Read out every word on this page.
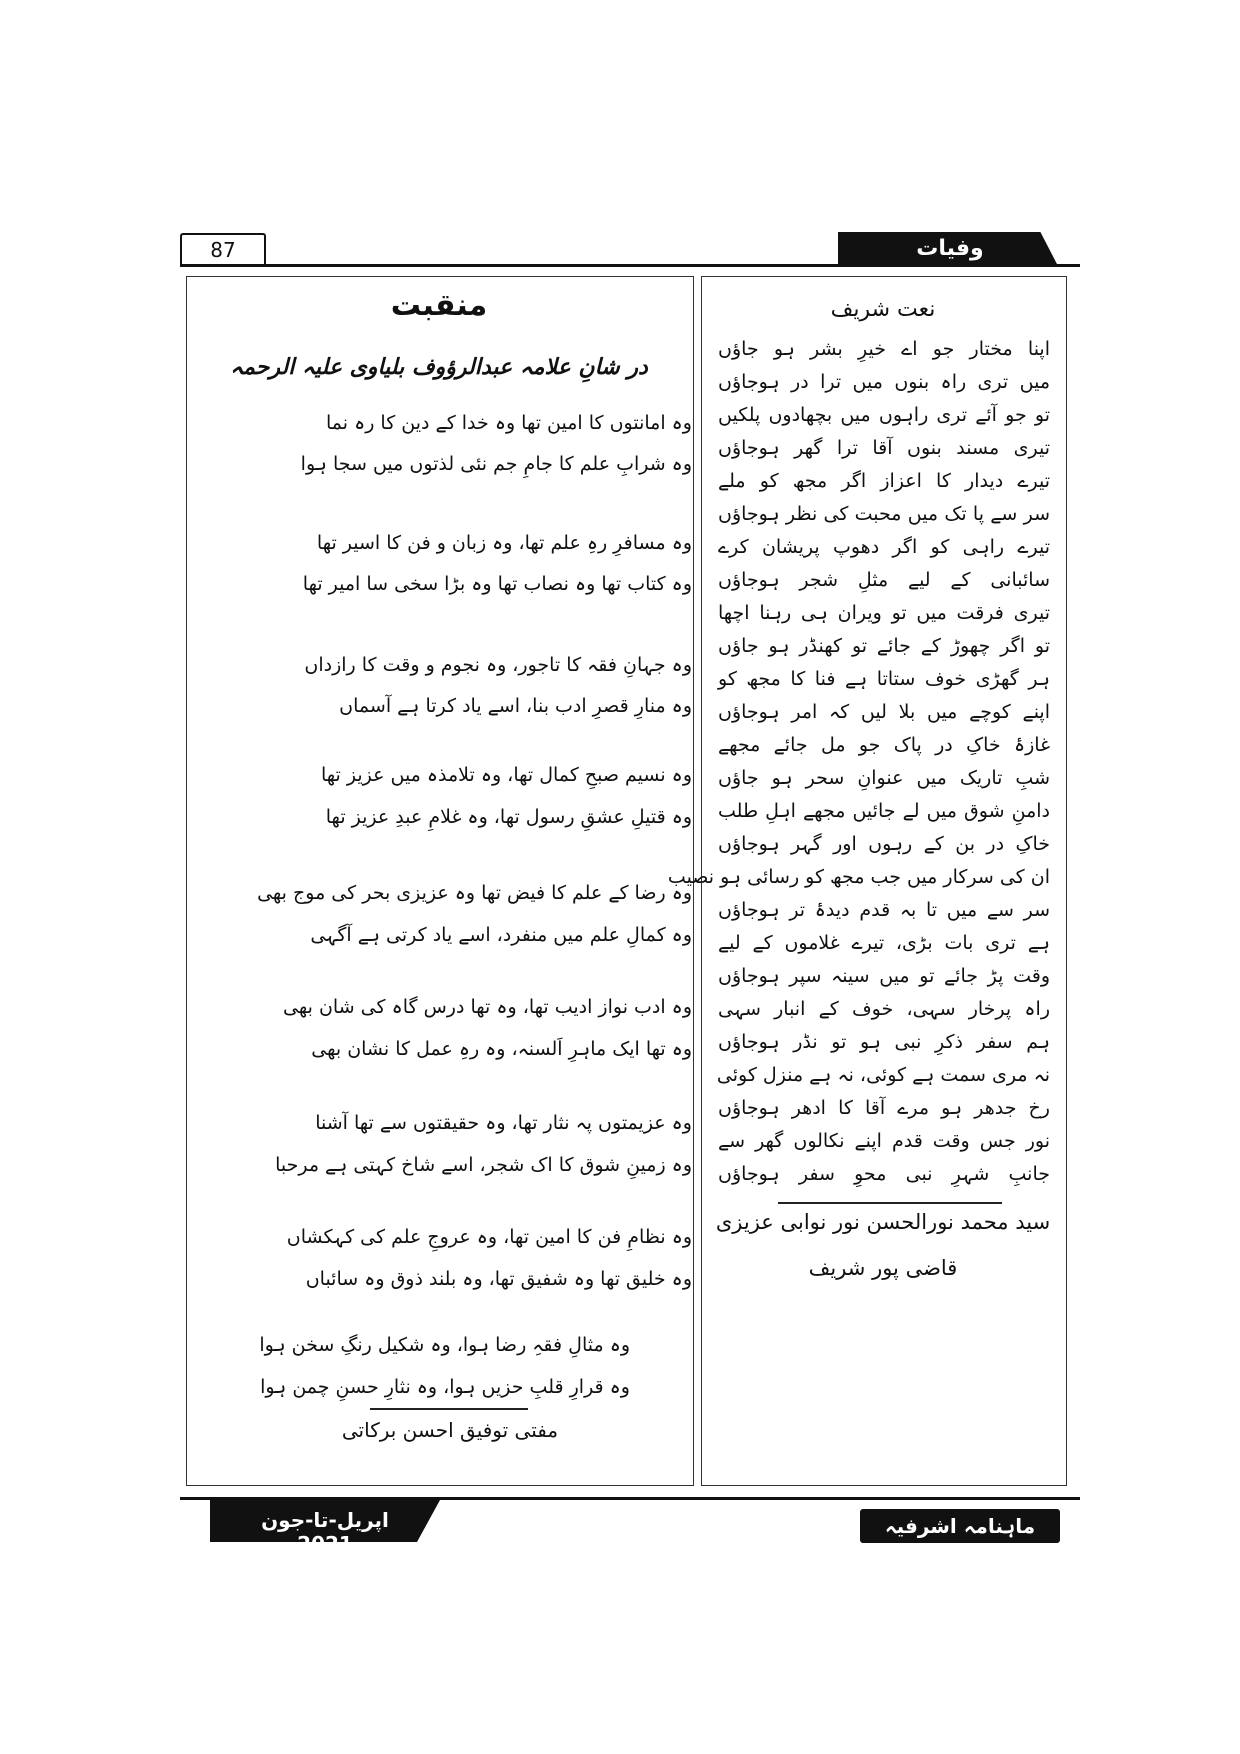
87	وفیات
منقبت
در شانِ علامہ عبدالرؤوف بلیاوی علیہ الرحمہ
وہ امانتوں کا امین تھا وہ خدا کے دین کا رہ نما
وہ شرابِ علم کا جامِ جم نئی لذتوں میں سجا ہوا
وہ مسافرِ رہِ علم تھا، وہ زبان و فن کا اسیر تھا
وہ کتاب تھا وہ نصاب تھا وہ بڑا سخی سا امیر تھا
وہ جہانِ فقہ کا تاجور، وہ نجوم و وقت کا رازداں
وہ منارِ قصرِ ادب بنا، اسے یاد کرتا ہے آسماں
وہ نسیم صبحِ کمال تھا، وہ تلامذہ میں عزیز تھا
وہ قتیلِ عشقِ رسول تھا، وہ غلامِ عبدِ عزیز تھا
وہ رضا کے علم کا فیض تھا وہ عزیزی بحر کی موج بھی
وہ کمالِ علم میں منفرد، اسے یاد کرتی ہے آگہی
وہ ادب نواز ادیب تھا، وہ تھا درس گاہ کی شان بھی
وہ تھا ایک ماہرِ اَلسنہ، وہ رہِ عمل کا نشان بھی
وہ عزیمتوں پہ نثار تھا، وہ حقیقتوں سے تھا آشنا
وہ زمینِ شوق کا اک شجر، اسے شاخ کہتی ہے مرحبا
وہ نظامِ فن کا امین تھا، وہ عروجِ علم کی کہکشاں
وہ خلیق تھا وہ شفیق تھا، وہ بلند ذوق وہ سائباں
وہ مثالِ فقہِ رضا ہوا، وہ شکیل رنگِ سخن ہوا
وہ قرارِ قلبِ حزیں ہوا، وہ نثارِ حسنِ چمن ہوا
مفتی توفیق احسن برکاتی
نعت شریف
اپنا مختار جو اے خیرِ بشر ہو جاؤں
میں تری راہ بنوں میں ترا در ہوجاؤں
تو جو آئے تری راہوں میں بچھادوں پلکیں
تیری مسند بنوں آقا ترا گھر ہوجاؤں
تیرے دیدار کا اعزاز اگر مجھ کو ملے
سر سے پا تک میں محبت کی نظر ہوجاؤں
تیرے راہی کو اگر دھوپ پریشان کرے
سائبانی کے لیے مثلِ شجر ہوجاؤں
تیری فرقت میں تو ویران ہی رہنا اچھا
تو اگر چھوڑ کے جائے تو کھنڈر ہو جاؤں
ہر گھڑی خوف ستاتا ہے فنا کا مجھ کو
اپنے کوچے میں بلا لیں کہ امر ہوجاؤں
غازۂ خاکِ در پاک جو مل جائے مجھے
شبِ تاریک میں عنوانِ سحر ہو جاؤں
دامنِ شوق میں لے جائیں مجھے اہلِ طلب
خاکِ در بن کے رہوں اور گہر ہوجاؤں
ان کی سرکار میں جب مجھ کو رسائی ہو نصیب
سر سے میں تا بہ قدم دیدۂ تر ہوجاؤں
ہے تری بات بڑی، تیرے غلاموں کے لیے
وقت پڑ جائے تو میں سینہ سپر ہوجاؤں
راہ پرخار سہی، خوف کے انبار سہی
ہم سفر ذکرِ نبی ہو تو نڈر ہوجاؤں
نہ مری سمت ہے کوئی، نہ ہے منزل کوئی
رخ جدھر ہو مرے آقا کا ادھر ہوجاؤں
نور جس وقت قدم اپنے نکالوں گھر سے
جانبِ شہرِ نبی محوِ سفر ہوجاؤں
سید محمد نورالحسن نور نوابی عزیزی
قاضی پور شریف
اپریل-تا-جون 2021
ماہنامہ اشرفیہ
